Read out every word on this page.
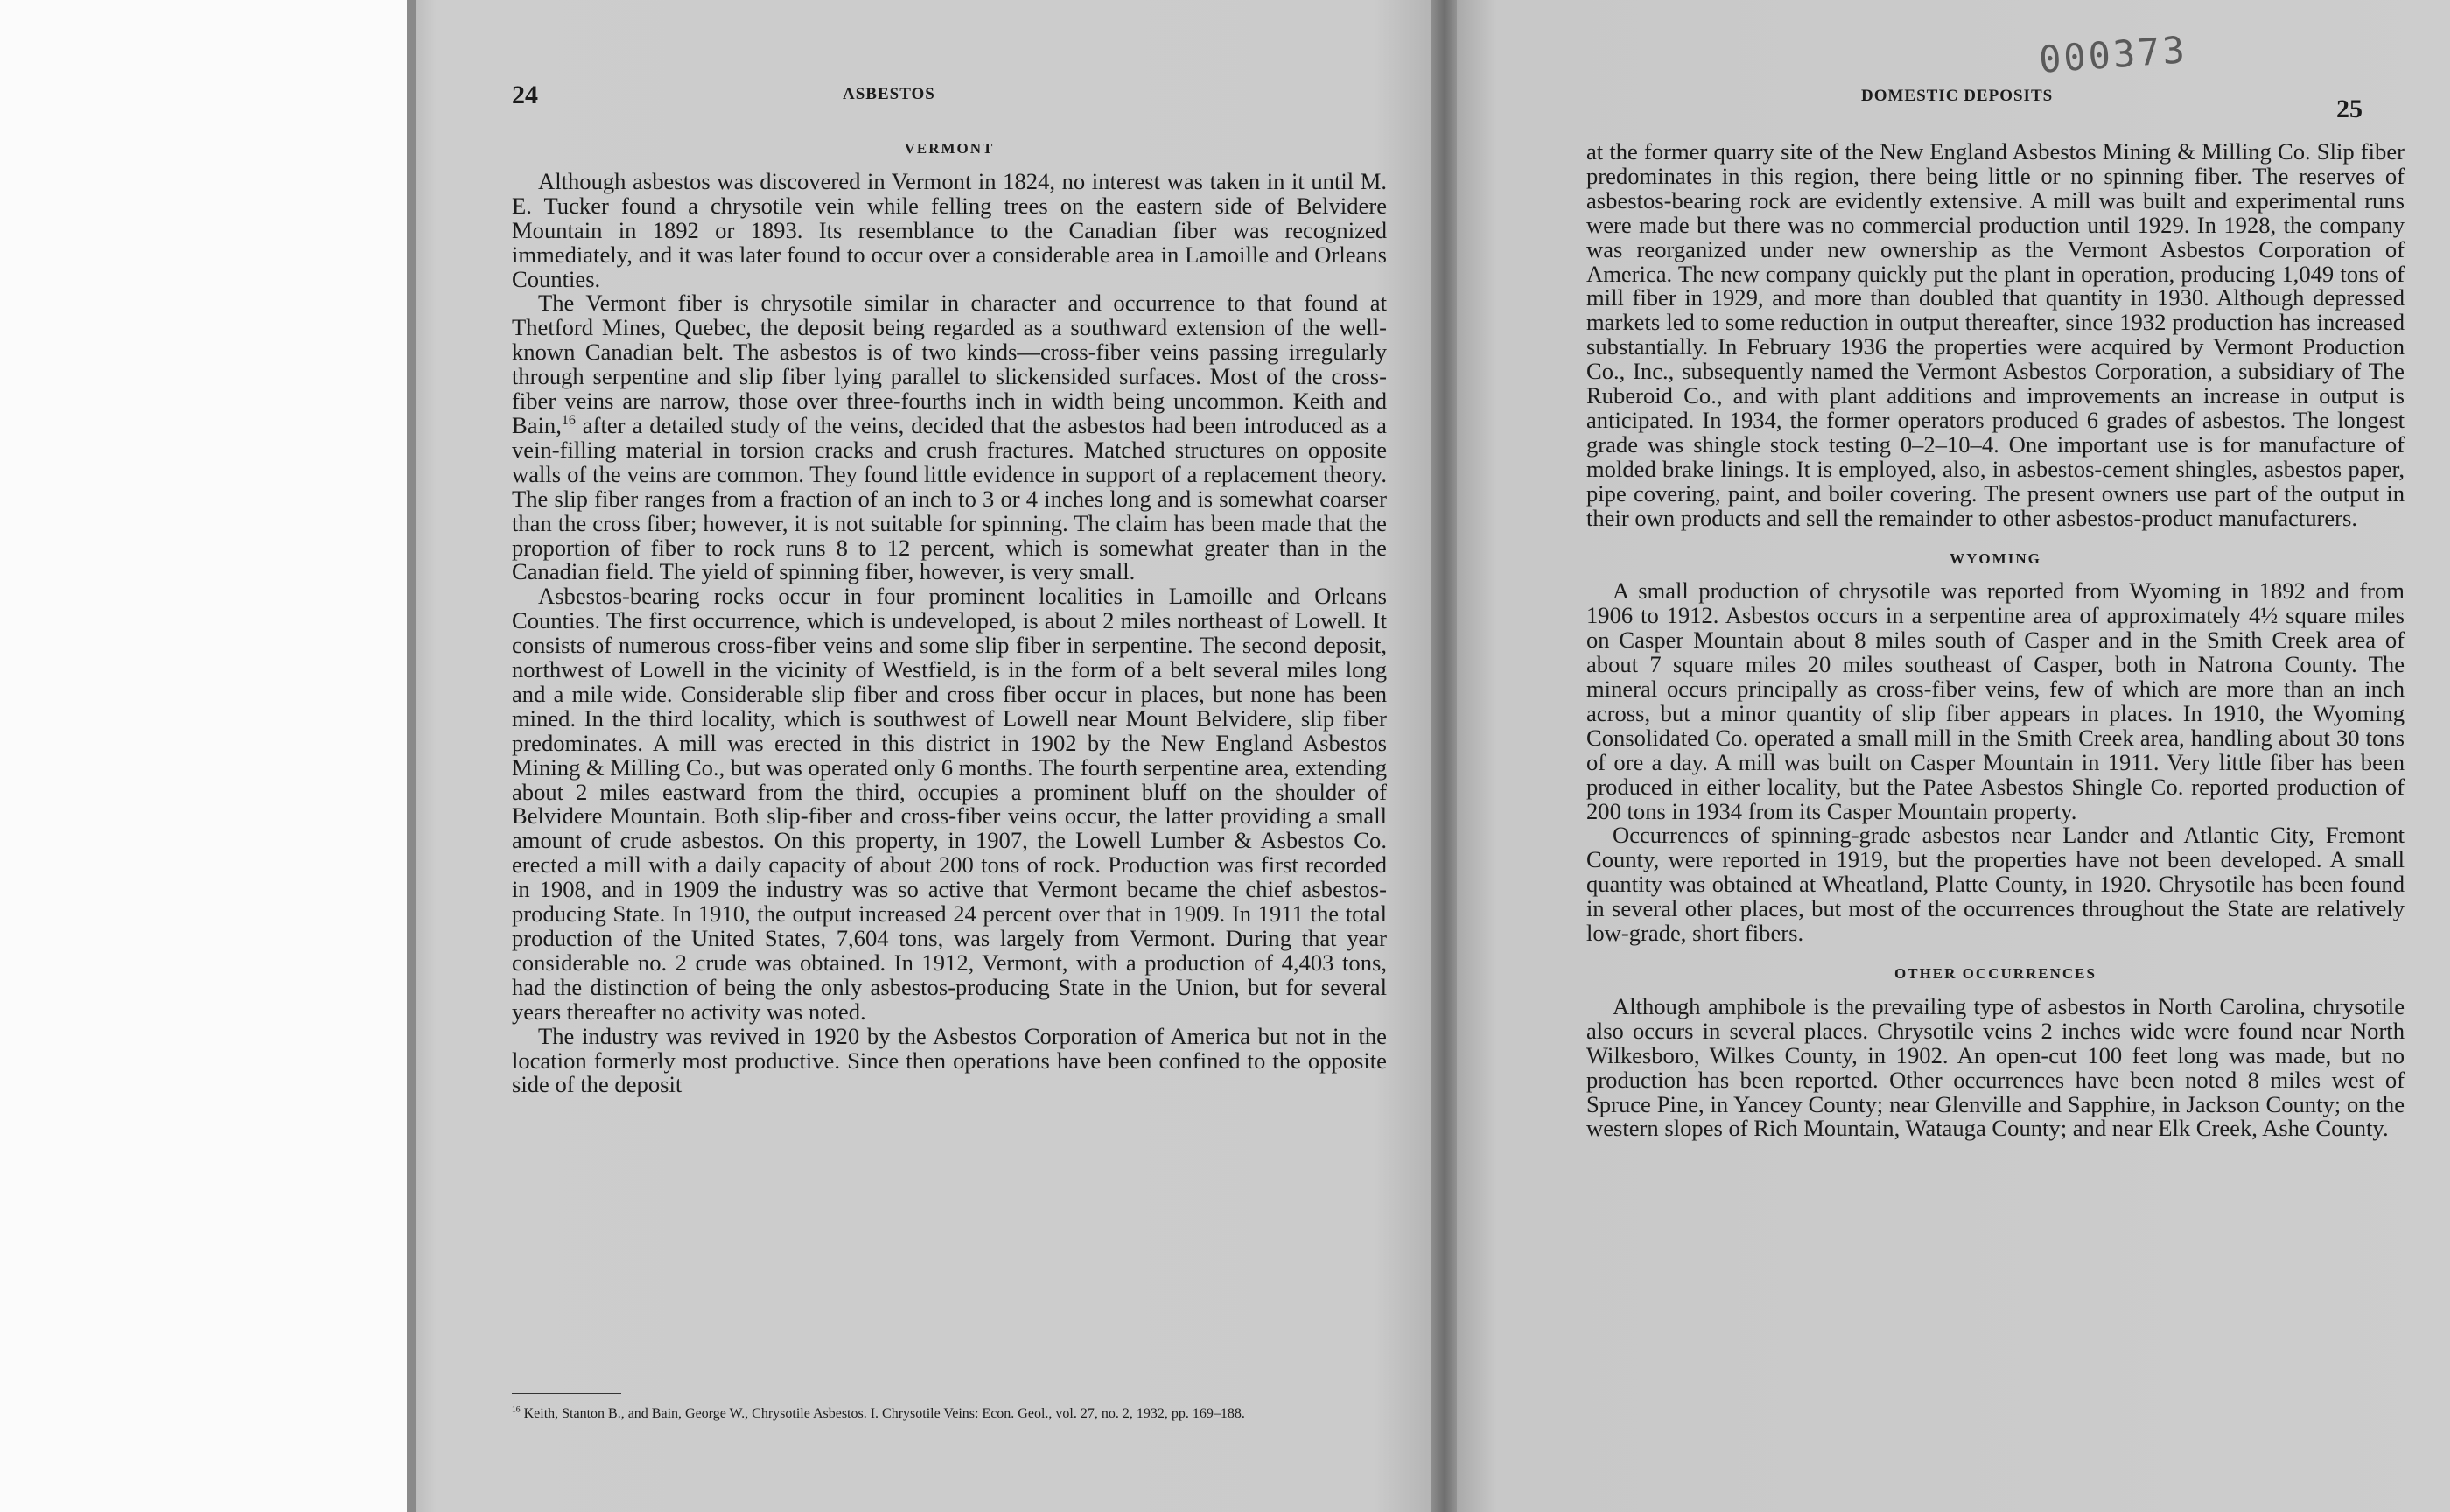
24	ASBESTOS
VERMONT

Although asbestos was discovered in Vermont in 1824, no interest was taken in it until M. E. Tucker found a chrysotile vein while felling trees on the eastern side of Belvidere Mountain in 1892 or 1893. Its resemblance to the Canadian fiber was recognized immediately, and it was later found to occur over a considerable area in Lamoille and Orleans Counties.

The Vermont fiber is chrysotile similar in character and occurrence to that found at Thetford Mines, Quebec, the deposit being regarded as a southward extension of the well-known Canadian belt. The asbestos is of two kinds—cross-fiber veins passing irregularly through serpentine and slip fiber lying parallel to slickensided surfaces. Most of the cross-fiber veins are narrow, those over three-fourths inch in width being uncommon. Keith and Bain,$^{16}$ after a detailed study of the veins, decided that the asbestos had been introduced as a vein-filling material in torsion cracks and crush fractures. Matched structures on opposite walls of the veins are common. They found little evidence in support of a replacement theory. The slip fiber ranges from a fraction of an inch to 3 or 4 inches long and is somewhat coarser than the cross fiber; however, it is not suitable for spinning. The claim has been made that the proportion of fiber to rock runs 8 to 12 percent, which is somewhat greater than in the Canadian field. The yield of spinning fiber, however, is very small.

Asbestos-bearing rocks occur in four prominent localities in Lamoille and Orleans Counties. The first occurrence, which is undeveloped, is about 2 miles northeast of Lowell. It consists of numerous cross-fiber veins and some slip fiber in serpentine. The second deposit, northwest of Lowell in the vicinity of Westfield, is in the form of a belt several miles long and a mile wide. Considerable slip fiber and cross fiber occur in places, but none has been mined. In the third locality, which is southwest of Lowell near Mount Belvidere, slip fiber predominates. A mill was erected in this district in 1902 by the New England Asbestos Mining & Milling Co., but was operated only 6 months. The fourth serpentine area, extending about 2 miles eastward from the third, occupies a prominent bluff on the shoulder of Belvidere Mountain. Both slip-fiber and cross-fiber veins occur, the latter providing a small amount of crude asbestos. On this property, in 1907, the Lowell Lumber & Asbestos Co. erected a mill with a daily capacity of about 200 tons of rock. Production was first recorded in 1908, and in 1909 the industry was so active that Vermont became the chief asbestos-producing State. In 1910, the output increased 24 percent over that in 1909. In 1911 the total production of the United States, 7,604 tons, was largely from Vermont. During that year considerable no. 2 crude was obtained. In 1912, Vermont, with a production of 4,403 tons, had the distinction of being the only asbestos-producing State in the Union, but for several years thereafter no activity was noted.

The industry was revived in 1920 by the Asbestos Corporation of America but not in the location formerly most productive. Since then operations have been confined to the opposite side of the deposit

$^{16}$ Keith, Stanton B., and Bain, George W., Chrysotile Asbestos. I. Chrysotile Veins: Econ. Geol., vol. 27, no. 2, 1932, pp. 169–188.
000373
DOMESTIC DEPOSITS	25

at the former quarry site of the New England Asbestos Mining & Milling Co. Slip fiber predominates in this region, there being little or no spinning fiber. The reserves of asbestos-bearing rock are evidently extensive. A mill was built and experimental runs were made but there was no commercial production until 1929. In 1928, the company was reorganized under new ownership as the Vermont Asbestos Corporation of America. The new company quickly put the plant in operation, producing 1,049 tons of mill fiber in 1929, and more than doubled that quantity in 1930. Although depressed markets led to some reduction in output thereafter, since 1932 production has increased substantially. In February 1936 the properties were acquired by Vermont Production Co., Inc., subsequently named the Vermont Asbestos Corporation, a subsidiary of The Ruberoid Co., and with plant additions and improvements an increase in output is anticipated. In 1934, the former operators produced 6 grades of asbestos. The longest grade was shingle stock testing 0–2–10–4. One important use is for manufacture of molded brake linings. It is employed, also, in asbestos-cement shingles, asbestos paper, pipe covering, paint, and boiler covering. The present owners use part of the output in their own products and sell the remainder to other asbestos-product manufacturers.

WYOMING

A small production of chrysotile was reported from Wyoming in 1892 and from 1906 to 1912. Asbestos occurs in a serpentine area of approximately 4½ square miles on Casper Mountain about 8 miles south of Casper and in the Smith Creek area of about 7 square miles 20 miles southeast of Casper, both in Natrona County. The mineral occurs principally as cross-fiber veins, few of which are more than an inch across, but a minor quantity of slip fiber appears in places. In 1910, the Wyoming Consolidated Co. operated a small mill in the Smith Creek area, handling about 30 tons of ore a day. A mill was built on Casper Mountain in 1911. Very little fiber has been produced in either locality, but the Patee Asbestos Shingle Co. reported production of 200 tons in 1934 from its Casper Mountain property.

Occurrences of spinning-grade asbestos near Lander and Atlantic City, Fremont County, were reported in 1919, but the properties have not been developed. A small quantity was obtained at Wheatland, Platte County, in 1920. Chrysotile has been found in several other places, but most of the occurrences throughout the State are relatively low-grade, short fibers.

OTHER OCCURRENCES

Although amphibole is the prevailing type of asbestos in North Carolina, chrysotile also occurs in several places. Chrysotile veins 2 inches wide were found near North Wilkesboro, Wilkes County, in 1902. An open-cut 100 feet long was made, but no production has been reported. Other occurrences have been noted 8 miles west of Spruce Pine, in Yancey County; near Glenville and Sapphire, in Jackson County; on the western slopes of Rich Mountain, Watauga County; and near Elk Creek, Ashe County.
